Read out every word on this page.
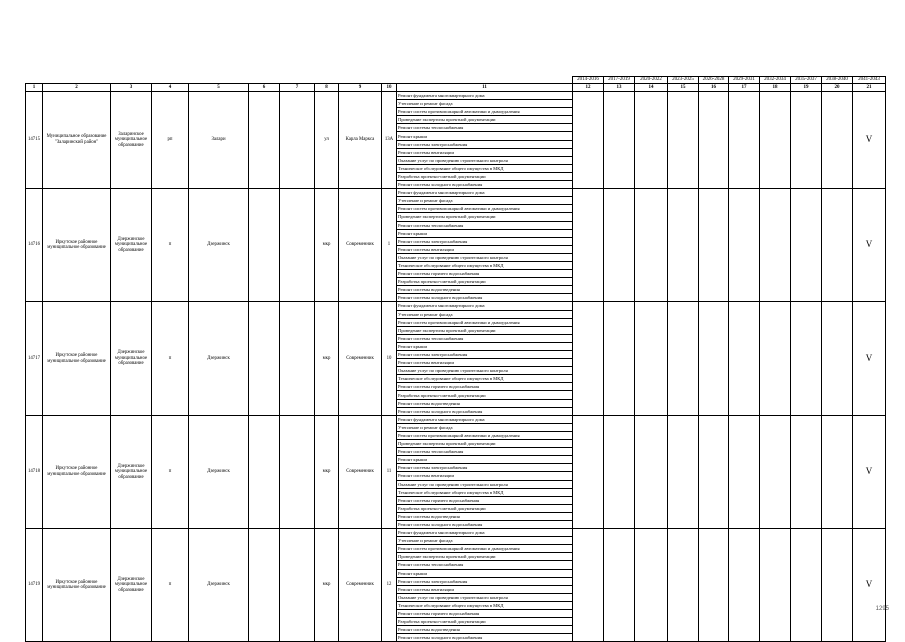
											2014-2016	2017-2019	2020-2022	2023-2025	2026-2028	2029-2031	2032-2034	2035-2037	2038-2040	2041-2043
1	2	3	4	5	6	7	8	9	10	11	12	13	14	15	16	17	18	19	20	21
14715	Муниципальное образование "Заларинский район"	Заларинское муниципальное образование	рп	Залари			ул	Карла Маркса	13А	Ремонт фундамента многоквартирного дома										V
										Утепление и ремонт фасада										
										Ремонт систем противопожарной автоматики и дымоудаления										
										Проведение экспертизы проектной документации										
										Ремонт системы теплоснабжения										
										Ремонт крыши										
										Ремонт системы электроснабжения										
										Ремонт системы вентиляции										
										Оказание услуг по проведению строительного контроля										
										Техническое обследование общего имущества в МКД										
										Разработка проектно-сметной документации										
										Ремонт системы холодного водоснабжения										
14716	Иркутское районное муниципальное образование	Дзержинское муниципальное образование	п	Дзержинск			мкр	Современник	1	Ремонт фундамента многоквартирного дома										V
										Утепление и ремонт фасада										
										Ремонт систем противопожарной автоматики и дымоудаления										
										Проведение экспертизы проектной документации										
										Ремонт системы теплоснабжения										
										Ремонт крыши										
										Ремонт системы электроснабжения										
										Ремонт системы вентиляции										
										Оказание услуг по проведению строительного контроля										
										Техническое обследование общего имущества в МКД										
										Ремонт системы горячего водоснабжения										
										Разработка проектно-сметной документации										
										Ремонт системы водоотведения										
										Ремонт системы холодного водоснабжения										
14717	Иркутское районное муниципальное образование	Дзержинское муниципальное образование	п	Дзержинск			мкр	Современник	10	Ремонт фундамента многоквартирного дома										V
										Утепление и ремонт фасада										
										Ремонт систем противопожарной автоматики и дымоудаления										
										Проведение экспертизы проектной документации										
										Ремонт системы теплоснабжения										
										Ремонт крыши										
										Ремонт системы электроснабжения										
										Ремонт системы вентиляции										
										Оказание услуг по проведению строительного контроля										
										Техническое обследование общего имущества в МКД										
										Ремонт системы горячего водоснабжения										
										Разработка проектно-сметной документации										
										Ремонт системы водоотведения										
										Ремонт системы холодного водоснабжения										
14718	Иркутское районное муниципальное образование	Дзержинское муниципальное образование	п	Дзержинск			мкр	Современник	11	Ремонт фундамента многоквартирного дома										V
										Утепление и ремонт фасада										
										Ремонт систем противопожарной автоматики и дымоудаления										
										Проведение экспертизы проектной документации										
										Ремонт системы теплоснабжения										
										Ремонт крыши										
										Ремонт системы электроснабжения										
										Ремонт системы вентиляции										
										Оказание услуг по проведению строительного контроля										
										Техническое обследование общего имущества в МКД										
										Ремонт системы горячего водоснабжения										
										Разработка проектно-сметной документации										
										Ремонт системы водоотведения										
										Ремонт системы холодного водоснабжения										
14719	Иркутское районное муниципальное образование	Дзержинское муниципальное образование	п	Дзержинск			мкр	Современник	12	Ремонт фундамента многоквартирного дома										V
										Утепление и ремонт фасада										
										Ремонт систем противопожарной автоматики и дымоудаления										
										Проведение экспертизы проектной документации										
										Ремонт системы теплоснабжения										
										Ремонт крыши										
										Ремонт системы электроснабжения										
										Ремонт системы вентиляции										
										Оказание услуг по проведению строительного контроля										
										Техническое обследование общего имущества в МКД										
										Ремонт системы горячего водоснабжения										
										Разработка проектно-сметной документации										
										Ремонт системы водоотведения										
										Ремонт системы холодного водоснабжения										
1295
